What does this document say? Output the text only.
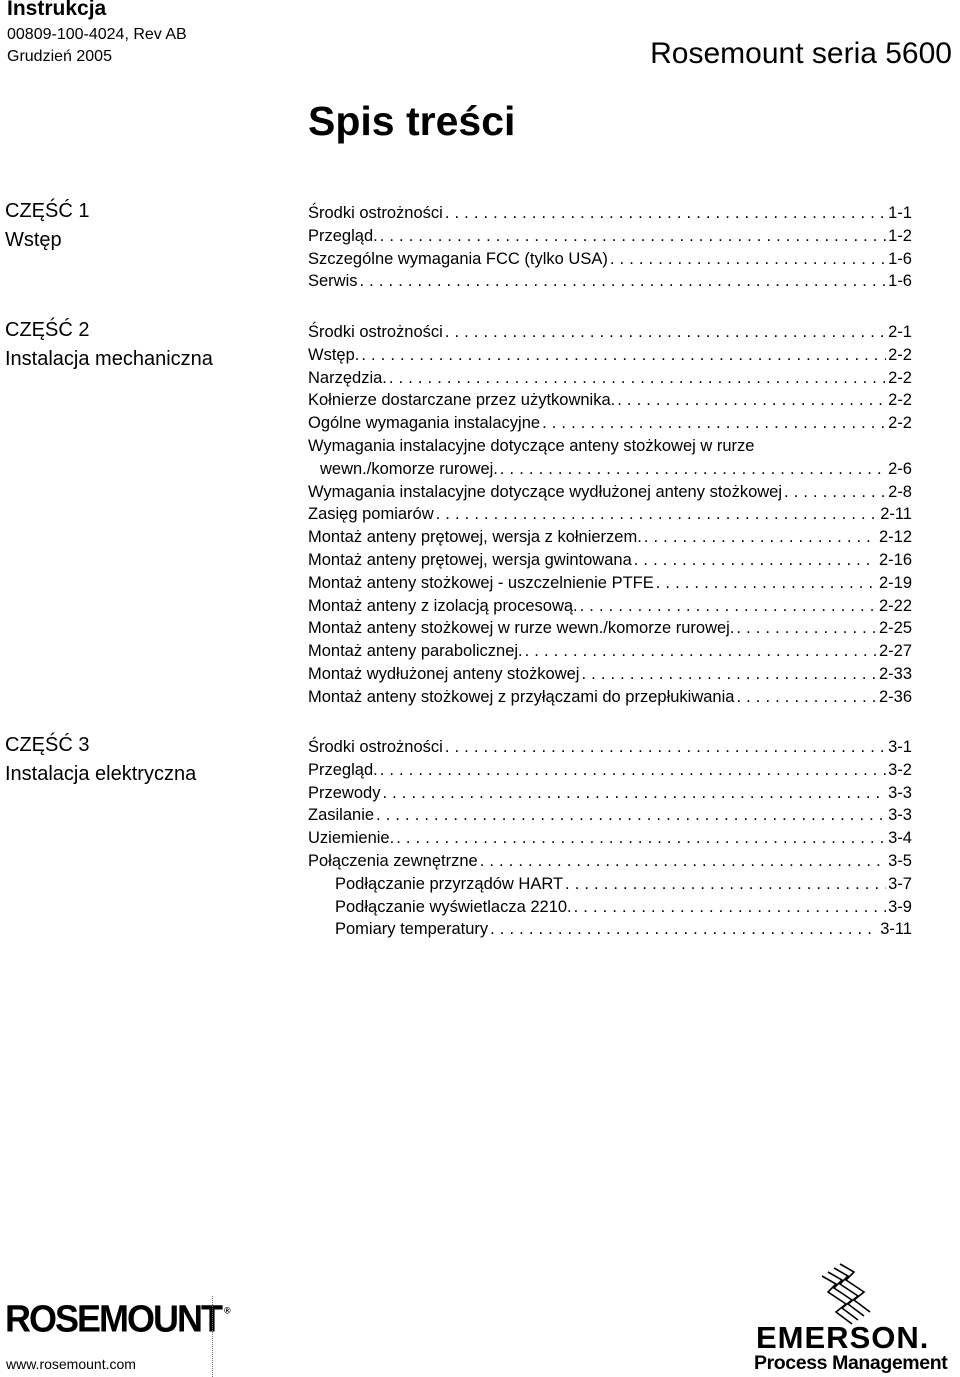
Instrukcja
00809-100-4024, Rev AB
Grudzień 2005	Rosemount seria 5600
Spis treści
CZĘŚĆ 1
Wstęp
Środki ostrożności . . .	1-1
Przegląd. . . .	1-2
Szczególne wymagania FCC (tylko USA) . . .	1-6
Serwis . . .	1-6
CZĘŚĆ 2
Instalacja mechaniczna
Środki ostrożności . . .	2-1
Wstęp. . . .	2-2
Narzędzia. . . .	2-2
Kołnierze dostarczane przez użytkownika. . . .	2-2
Ogólne wymagania instalacyjne . . .	2-2
Wymagania instalacyjne dotyczące anteny stożkowej w rurze
wewn./komorze rurowej. . . .	2-6
Wymagania instalacyjne dotyczące wydłużonej anteny stożkowej . . .	2-8
Zasięg pomiarów . . .	2-11
Montaż anteny prętowej, wersja z kołnierzem. . . .	2-12
Montaż anteny prętowej, wersja gwintowana . . .	2-16
Montaż anteny stożkowej - uszczelnienie PTFE . . .	2-19
Montaż anteny z izolacją procesową. . . .	2-22
Montaż anteny stożkowej w rurze wewn./komorze rurowej. . . .	2-25
Montaż anteny parabolicznej. . . .	2-27
Montaż wydłużonej anteny stożkowej . . .	2-33
Montaż anteny stożkowej z przyłączami do przepłukiwania . . .	2-36
CZĘŚĆ 3
Instalacja elektryczna
Środki ostrożności . . .	3-1
Przegląd. . . .	3-2
Przewody . . .	3-3
Zasilanie . . .	3-3
Uziemienie. . . .	3-4
Połączenia zewnętrzne . . .	3-5
Podłączanie przyrządów HART . . .	3-7
Podłączanie wyświetlacza 2210. . . .	3-9
Pomiary temperatury . . .	3-11
ROSEMOUNT ®
www.rosemount.com
EMERSON.
Process Management
